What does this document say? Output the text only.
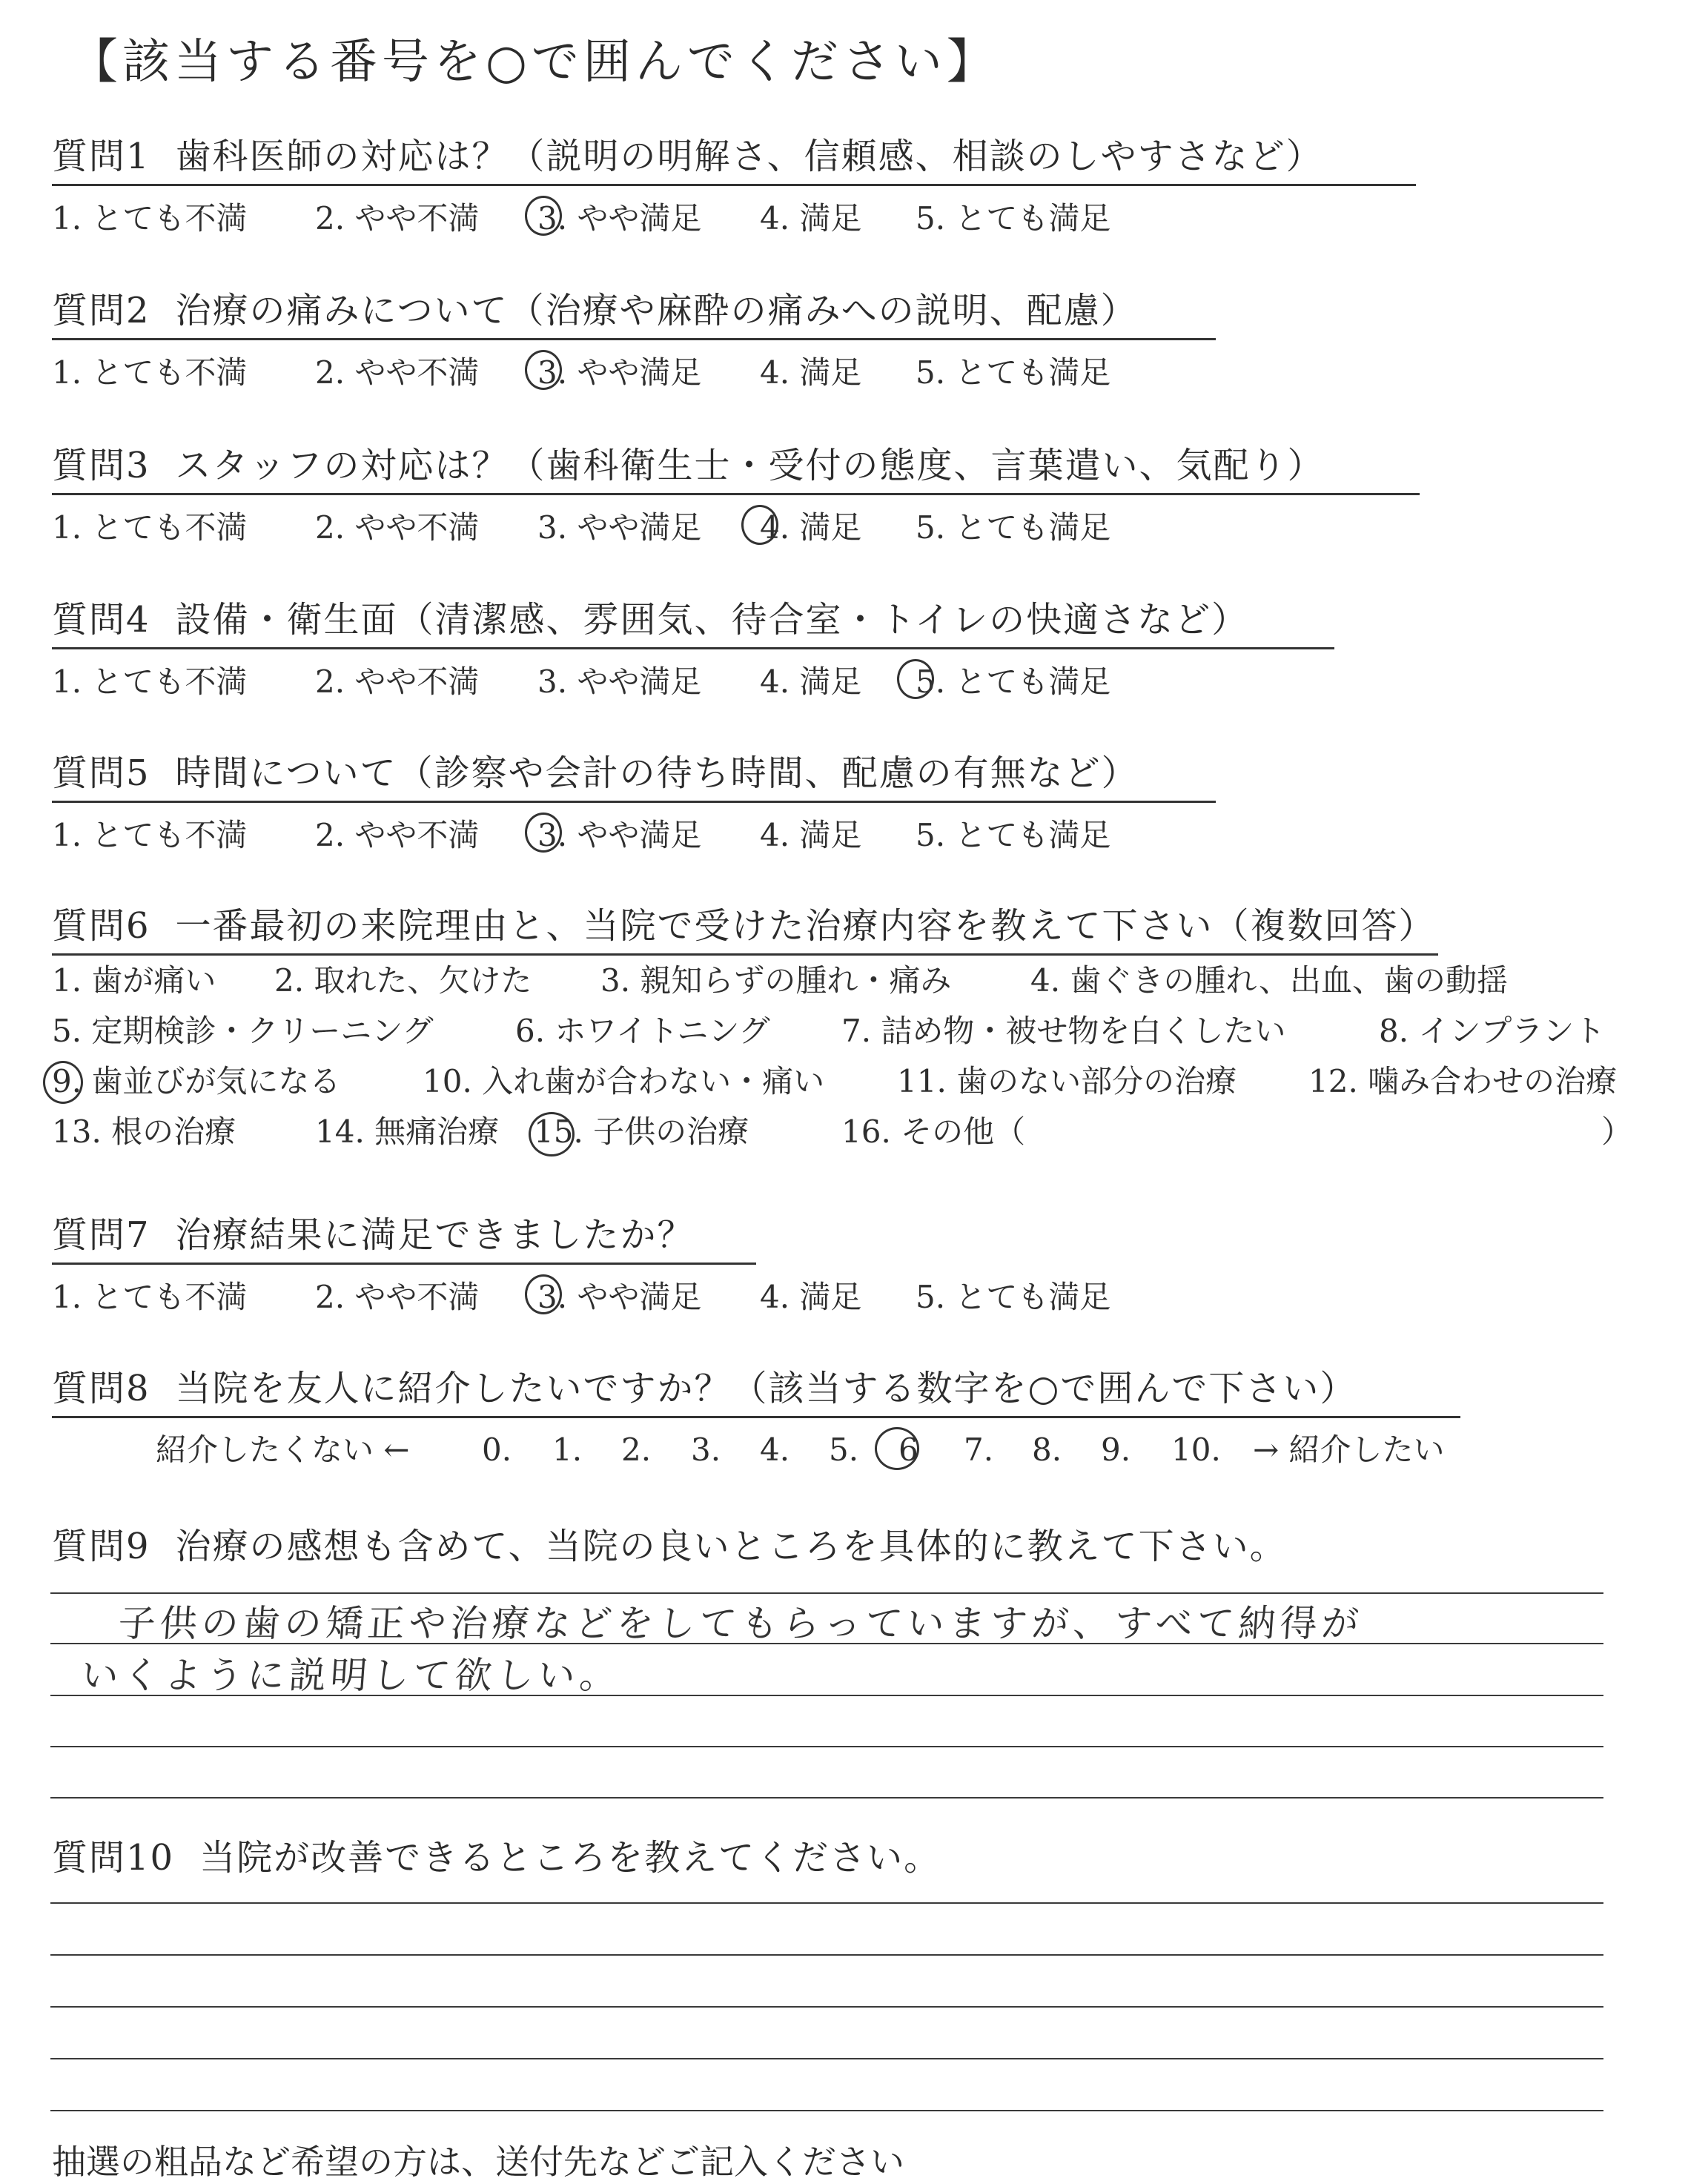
【該当する番号を○で囲んでください】
質問1 歯科医師の対応は？（説明の明解さ、信頼感、相談のしやすさなど）
1. とても不満 2. やや不満 3. やや満足 4. 満足 5. とても満足
質問2 治療の痛みについて（治療や麻酔の痛みへの説明、配慮）
1. とても不満 2. やや不満 3. やや満足 4. 満足 5. とても満足
質問3 スタッフの対応は？（歯科衛生士・受付の態度、言葉遣い、気配り）
1. とても不満 2. やや不満 3. やや満足 4. 満足 5. とても満足
質問4 設備・衛生面（清潔感、雰囲気、待合室・トイレの快適さなど）
1. とても不満 2. やや不満 3. やや満足 4. 満足 5. とても満足
質問5 時間について（診察や会計の待ち時間、配慮の有無など）
1. とても不満 2. やや不満 3. やや満足 4. 満足 5. とても満足
質問6 一番最初の来院理由と、当院で受けた治療内容を教えて下さい（複数回答）
1. 歯が痛い 2. 取れた、欠けた 3. 親知らずの腫れ・痛み	4. 歯ぐきの腫れ、出血、歯の動揺
5. 定期検診・クリーニング	6. ホワイトニング 7. 詰め物・被せ物を白くしたい	8. インプラント
9. 歯並びが気になる	10. 入れ歯が合わない・痛い 11. 歯のない部分の治療 12. 噛み合わせの治療
13. 根の治療	14. 無痛治療 15. 子供の治療	16. その他（	）
質問7 治療結果に満足できましたか？
1. とても不満 2. やや不満 3. やや満足 4. 満足 5. とても満足
質問8 当院を友人に紹介したいですか？（該当する数字を○で囲んで下さい）
紹介したくない ← 0. 1. 2. 3. 4. 5. 6 7. 8. 9. 10. → 紹介したい
質問9 治療の感想も含めて、当院の良いところを具体的に教えて下さい。
子供の歯の矯正や治療などをしてもらっていますが、すべて納得が
いくように説明して欲しい。
質問10 当院が改善できるところを教えてください。
抽選の粗品など希望の方は、送付先などご記入ください
